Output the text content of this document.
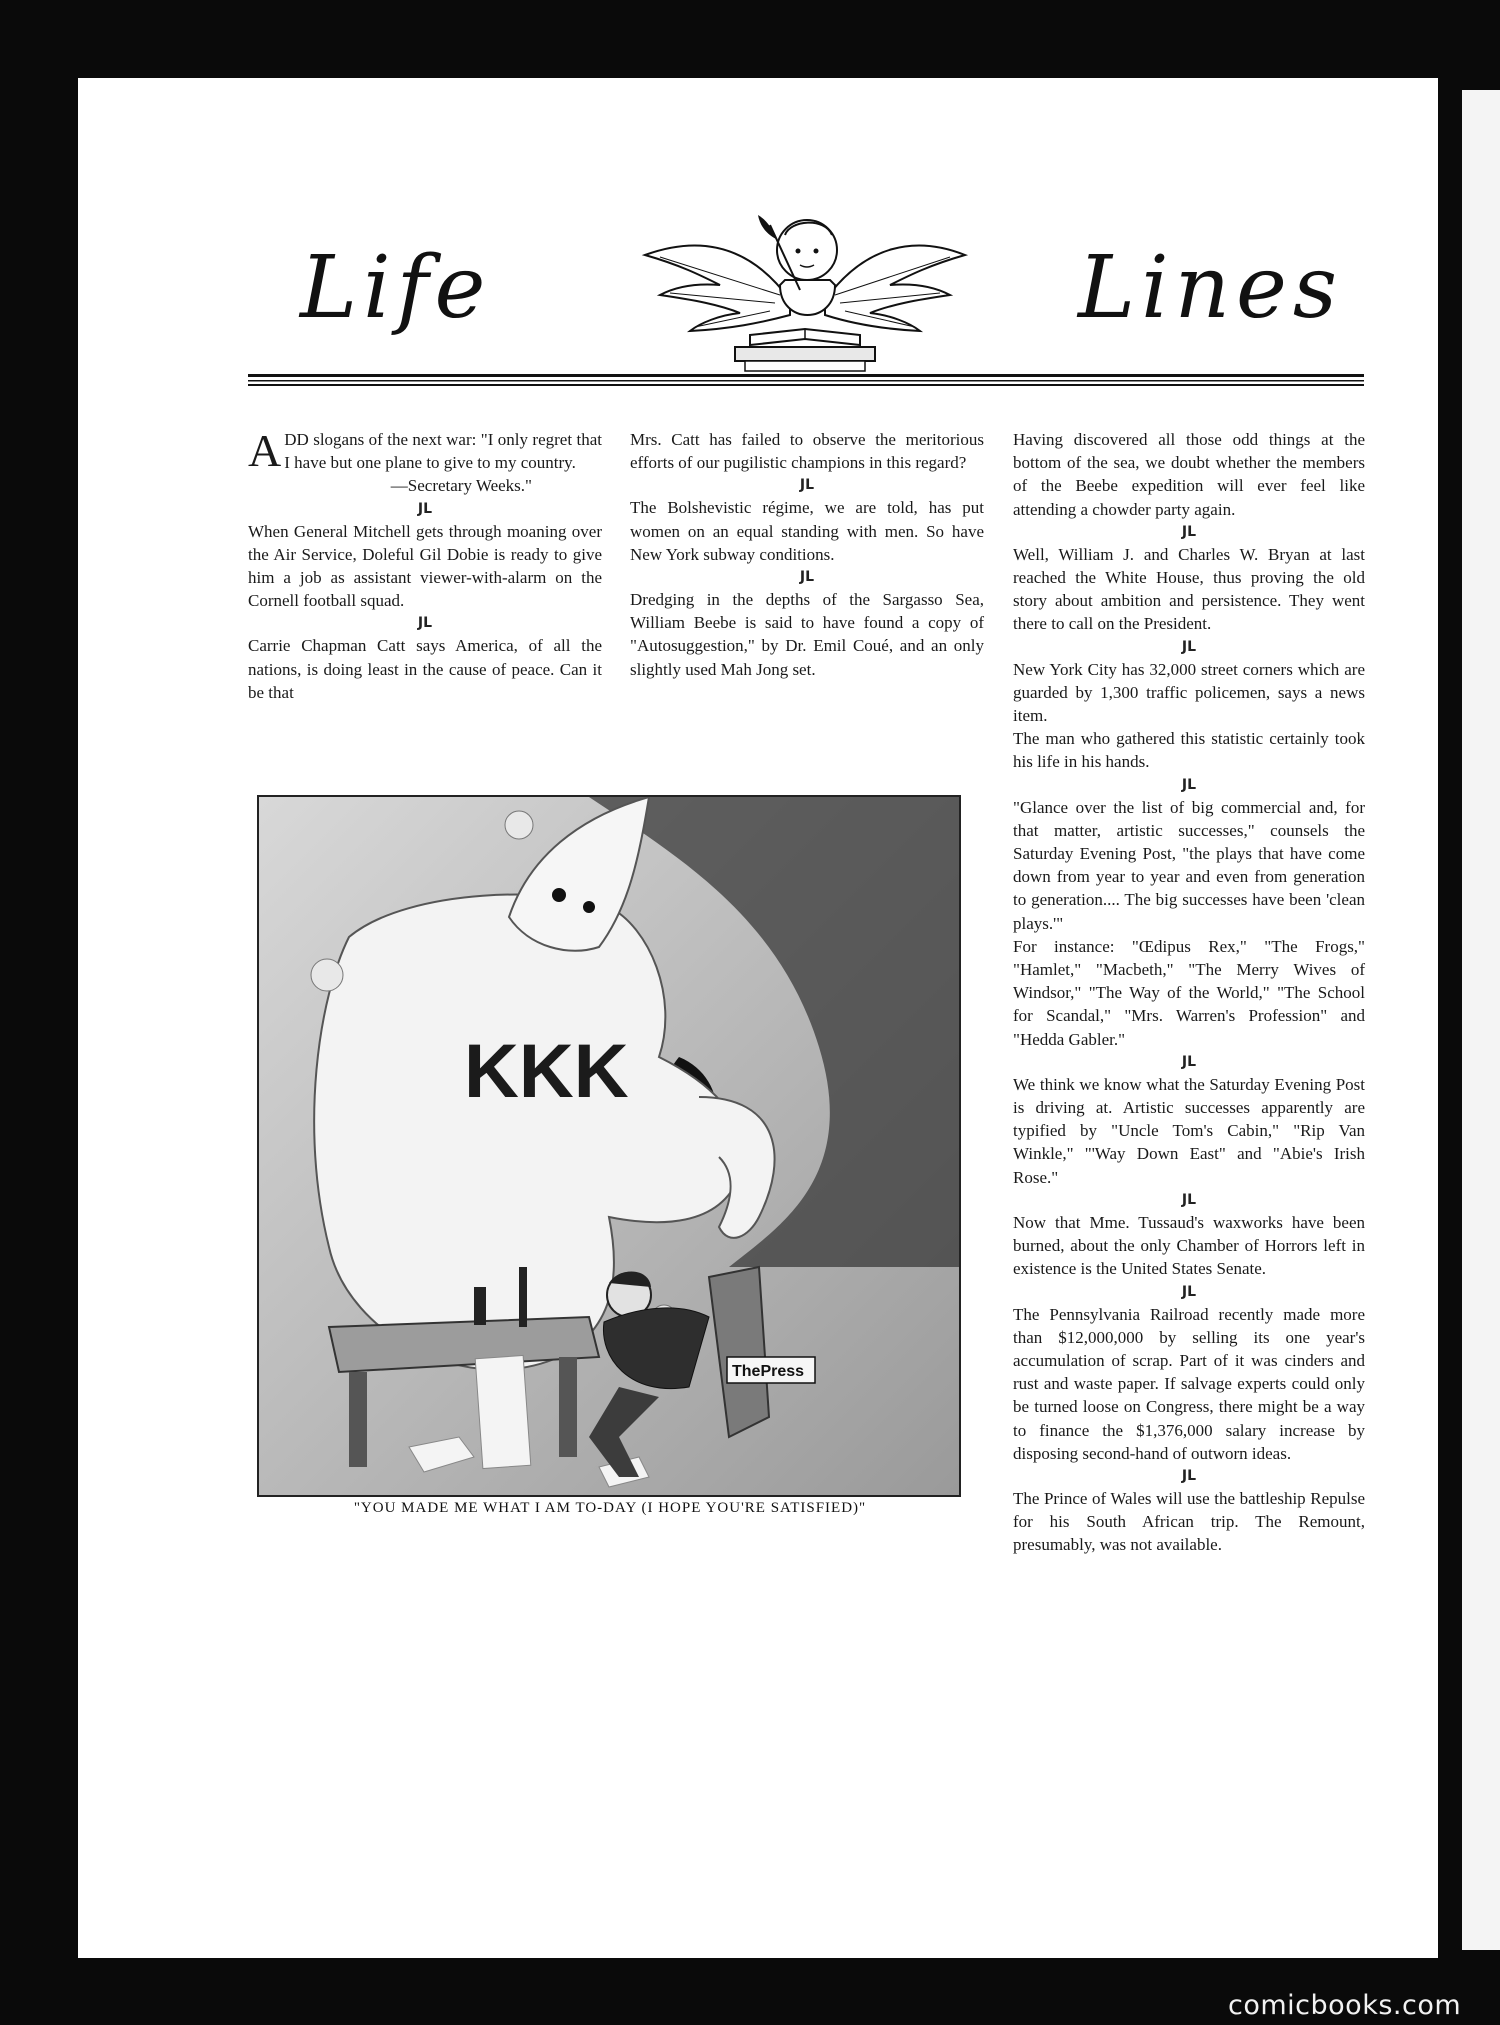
Life	Lines

ADD slogans of the next war: "I only regret that I have but one plane to give to my country.

—Secretary Weeks."

JL

When General Mitchell gets through moaning over the Air Service, Doleful Gil Dobie is ready to give him a job as assistant viewer-with-alarm on the Cornell football squad.

JL

Carrie Chapman Catt says America, of all the nations, is doing least in the cause of peace. Can it be that

Mrs. Catt has failed to observe the meritorious efforts of our pugilistic champions in this regard?

JL

The Bolshevistic régime, we are told, has put women on an equal standing with men. So have New York subway conditions.

JL

Dredging in the depths of the Sargasso Sea, William Beebe is said to have found a copy of "Autosuggestion," by Dr. Emil Coué, and an only slightly used Mah Jong set.

Having discovered all those odd things at the bottom of the sea, we doubt whether the members of the Beebe expedition will ever feel like attending a chowder party again.

JL

Well, William J. and Charles W. Bryan at last reached the White House, thus proving the old story about ambition and persistence. They went there to call on the President.

JL

New York City has 32,000 street corners which are guarded by 1,300 traffic policemen, says a news item.

The man who gathered this statistic certainly took his life in his hands.

JL

"Glance over the list of big commercial and, for that matter, artistic successes," counsels the Saturday Evening Post, "the plays that have come down from year to year and even from generation to generation.... The big successes have been 'clean plays.'"

For instance: "Œdipus Rex," "The Frogs," "Hamlet," "Macbeth," "The Merry Wives of Windsor," "The Way of the World," "The School for Scandal," "Mrs. Warren's Profession" and "Hedda Gabler."

JL

We think we know what the Saturday Evening Post is driving at. Artistic successes apparently are typified by "Uncle Tom's Cabin," "Rip Van Winkle," "'Way Down East" and "Abie's Irish Rose."

JL

Now that Mme. Tussaud's waxworks have been burned, about the only Chamber of Horrors left in existence is the United States Senate.

JL

The Pennsylvania Railroad recently made more than $12,000,000 by selling its one year's accumulation of scrap. Part of it was cinders and rust and waste paper. If salvage experts could only be turned loose on Congress, there might be a way to finance the $1,376,000 salary increase by disposing second-hand of outworn ideas.

JL

The Prince of Wales will use the battleship Repulse for his South African trip. The Remount, presumably, was not available.

KKK
ThePress
"YOU MADE ME WHAT I AM TO-DAY (I HOPE YOU'RE SATISFIED)"
comicbooks.com
